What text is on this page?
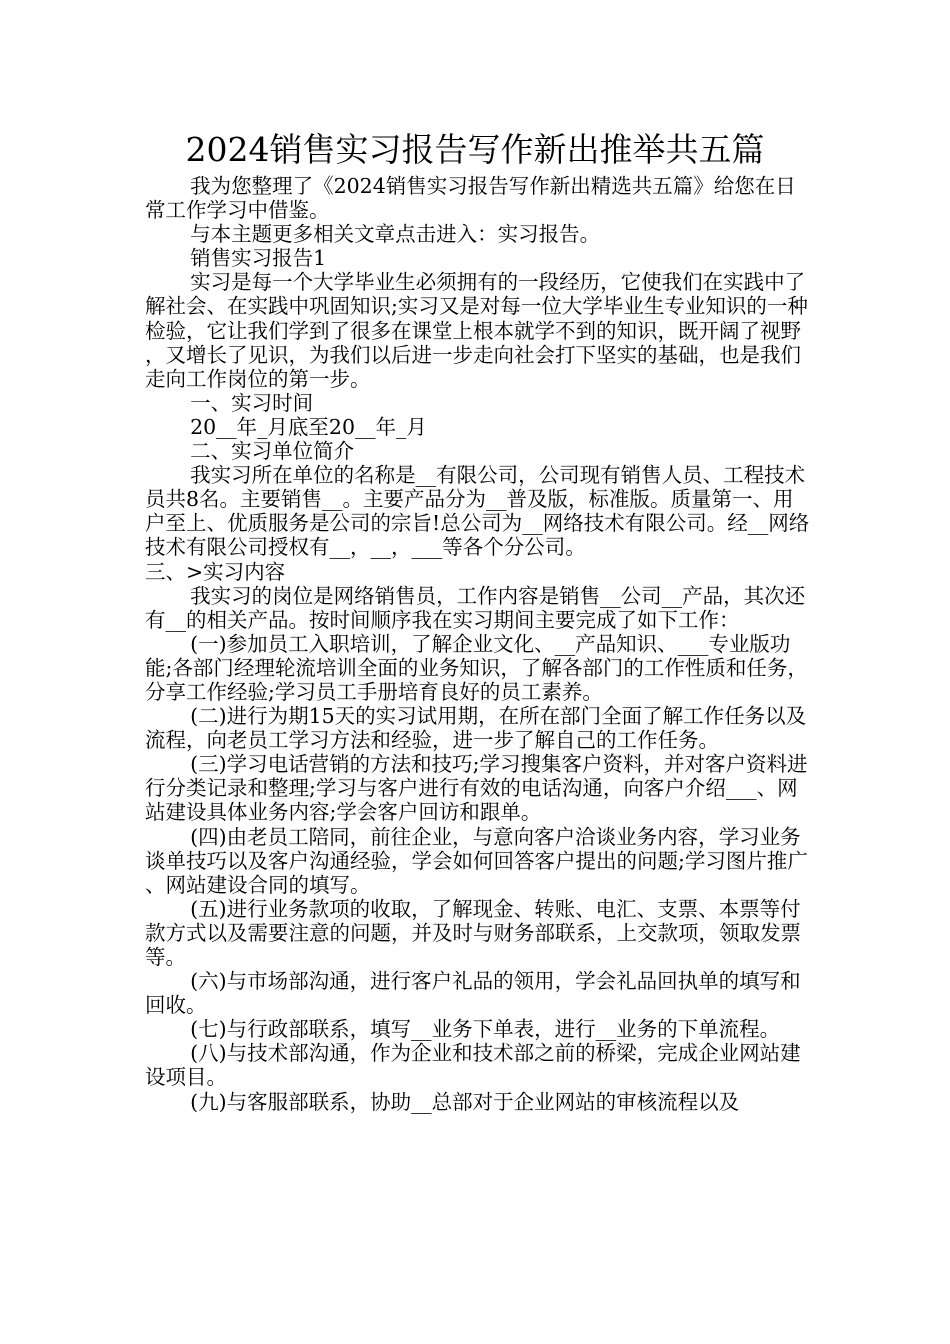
2024销售实习报告写作新出推举共五篇

我为您整理了《2024销售实习报告写作新出精选共五篇》给您在日常工作学习中借鉴。

与本主题更多相关文章点击进入：实习报告。

销售实习报告1

实习是每一个大学毕业生必须拥有的一段经历，它使我们在实践中了解社会、在实践中巩固知识;实习又是对每一位大学毕业生专业知识的一种检验，它让我们学到了很多在课堂上根本就学不到的知识，既开阔了视野，又增长了见识，为我们以后进一步走向社会打下坚实的基础，也是我们走向工作岗位的第一步。

一、实习时间

20__年_月底至20__年_月

二、实习单位简介

我实习所在单位的名称是__有限公司，公司现有销售人员、工程技术员共8名。主要销售__。主要产品分为__普及版，标准版。质量第一、用户至上、优质服务是公司的宗旨!总公司为__网络技术有限公司。经__网络技术有限公司授权有__，__，___等各个分公司。

三、>实习内容

我实习的岗位是网络销售员，工作内容是销售__公司__产品，其次还有__的相关产品。按时间顺序我在实习期间主要完成了如下工作：

(一)参加员工入职培训，了解企业文化、__产品知识、___专业版功能;各部门经理轮流培训全面的业务知识，了解各部门的工作性质和任务，分享工作经验;学习员工手册培育良好的员工素养。

(二)进行为期15天的实习试用期，在所在部门全面了解工作任务以及流程，向老员工学习方法和经验，进一步了解自己的工作任务。

(三)学习电话营销的方法和技巧;学习搜集客户资料，并对客户资料进行分类记录和整理;学习与客户进行有效的电话沟通，向客户介绍___、网站建设具体业务内容;学会客户回访和跟单。

(四)由老员工陪同，前往企业，与意向客户洽谈业务内容，学习业务谈单技巧以及客户沟通经验，学会如何回答客户提出的问题;学习图片推广、网站建设合同的填写。

(五)进行业务款项的收取，了解现金、转账、电汇、支票、本票等付款方式以及需要注意的问题，并及时与财务部联系，上交款项，领取发票等。

(六)与市场部沟通，进行客户礼品的领用，学会礼品回执单的填写和回收。

(七)与行政部联系，填写__业务下单表，进行__业务的下单流程。

(八)与技术部沟通，作为企业和技术部之前的桥梁，完成企业网站建设项目。

(九)与客服部联系，协助__总部对于企业网站的审核流程以及
